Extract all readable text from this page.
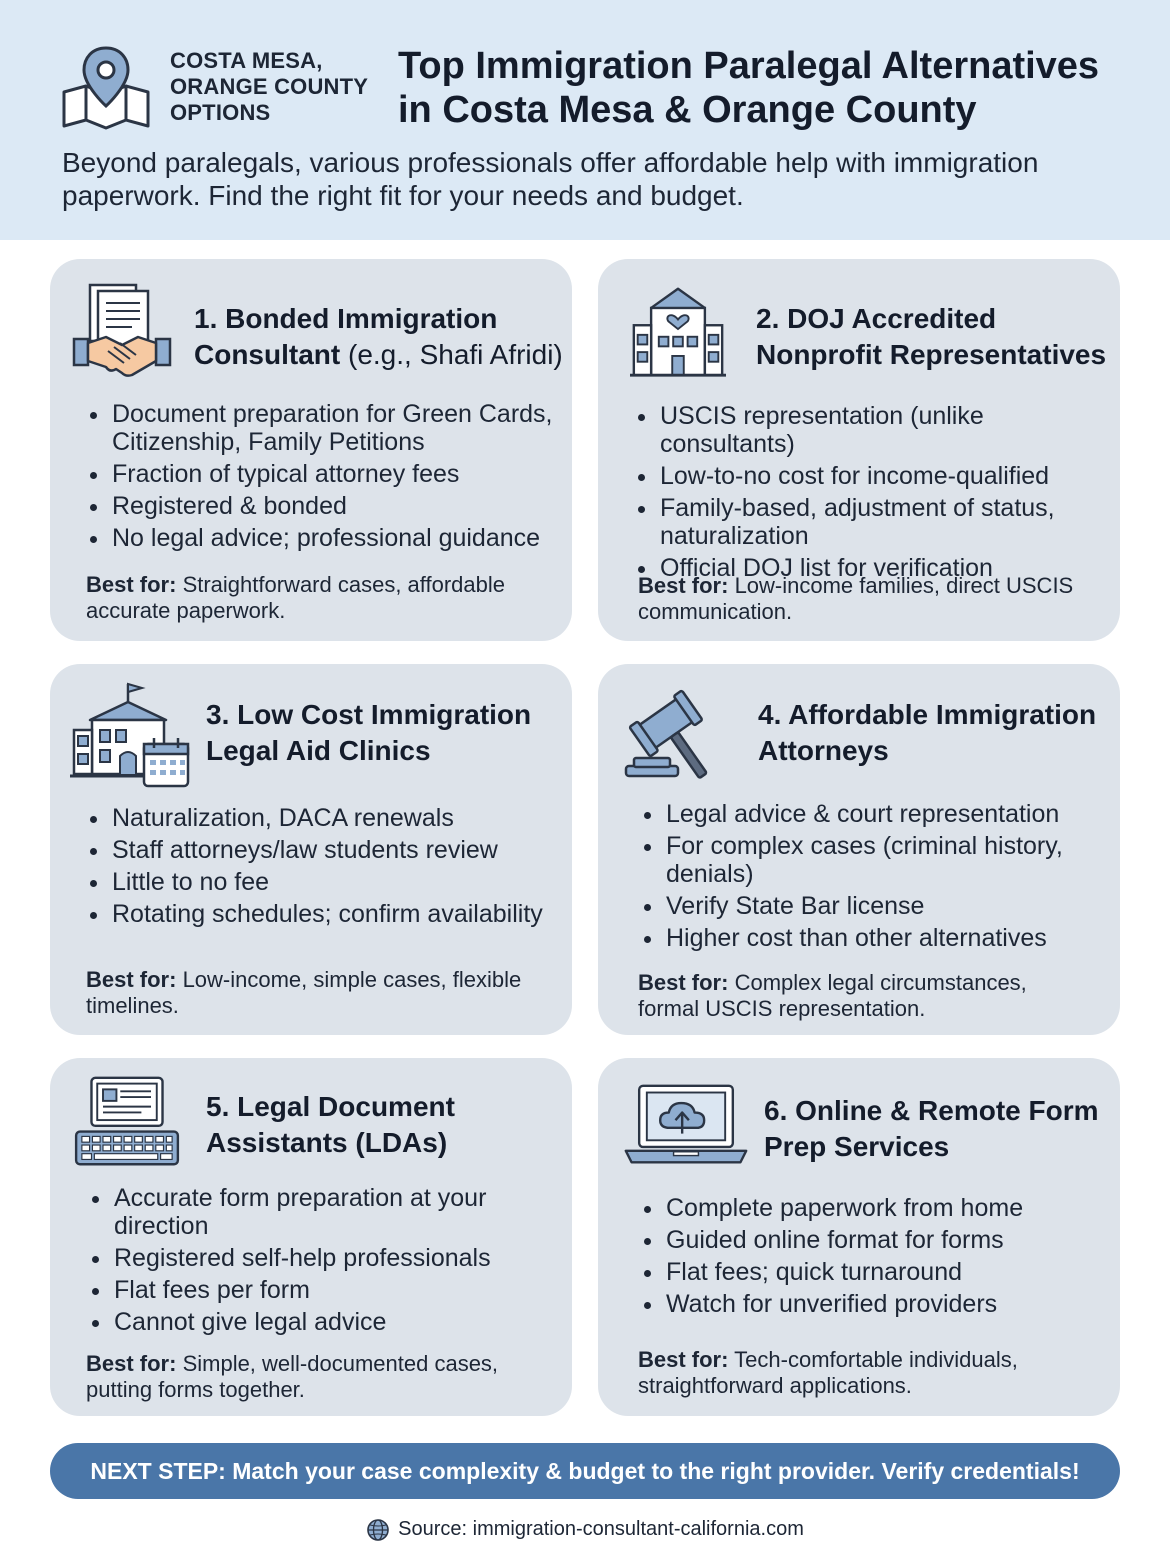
COSTA MESA,
ORANGE COUNTY
OPTIONS
Top Immigration Paralegal Alternatives
in Costa Mesa & Orange County

Beyond paralegals, various professionals offer affordable help with immigration paperwork. Find the right fit for your needs and budget.

1. Bonded Immigration Consultant (e.g., Shafi Afridi)
Document preparation for Green Cards, Citizenship, Family Petitions
Fraction of typical attorney fees
Registered & bonded
No legal advice; professional guidance

Best for: Straightforward cases, affordable accurate paperwork.

2. DOJ Accredited Nonprofit Representatives
USCIS representation (unlike consultants)
Low-to-no cost for income-qualified
Family-based, adjustment of status, naturalization
Official DOJ list for verification

Best for: Low-income families, direct USCIS communication.

3. Low Cost Immigration Legal Aid Clinics
Naturalization, DACA renewals
Staff attorneys/law students review
Little to no fee
Rotating schedules; confirm availability

Best for: Low-income, simple cases, flexible timelines.

4. Affordable Immigration Attorneys
Legal advice & court representation
For complex cases (criminal history, denials)
Verify State Bar license
Higher cost than other alternatives

Best for: Complex legal circumstances, formal USCIS representation.

5. Legal Document Assistants (LDAs)
Accurate form preparation at your direction
Registered self-help professionals
Flat fees per form
Cannot give legal advice

Best for: Simple, well-documented cases, putting forms together.

6. Online & Remote Form Prep Services
Complete paperwork from home
Guided online format for forms
Flat fees; quick turnaround
Watch for unverified providers

Best for: Tech-comfortable individuals, straightforward applications.

NEXT STEP: Match your case complexity & budget to the right provider. Verify credentials!
Source: immigration-consultant-california.com
